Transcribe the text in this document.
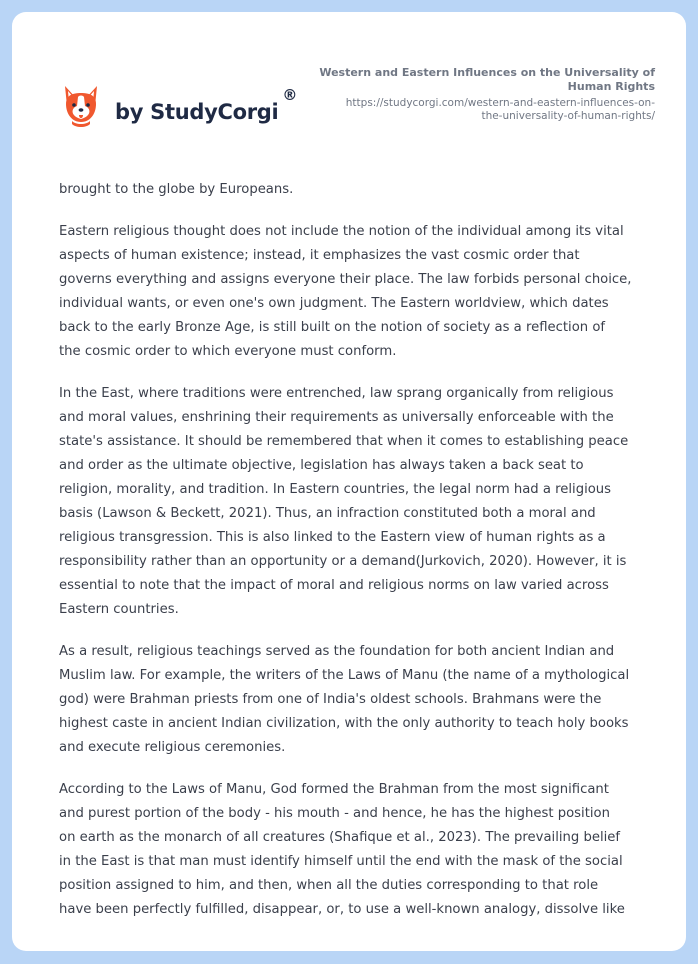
by StudyCorgi
®
Western and Eastern Influences on the Universality of
Human Rights
https://studycorgi.com/western-and-eastern-influences-on-
the-universality-of-human-rights/

brought to the globe by Europeans.

Eastern religious thought does not include the notion of the individual among its vital
aspects of human existence; instead, it emphasizes the vast cosmic order that
governs everything and assigns everyone their place. The law forbids personal choice,
individual wants, or even one's own judgment. The Eastern worldview, which dates
back to the early Bronze Age, is still built on the notion of society as a reflection of
the cosmic order to which everyone must conform.

In the East, where traditions were entrenched, law sprang organically from religious
and moral values, enshrining their requirements as universally enforceable with the
state's assistance. It should be remembered that when it comes to establishing peace
and order as the ultimate objective, legislation has always taken a back seat to
religion, morality, and tradition. In Eastern countries, the legal norm had a religious
basis (Lawson & Beckett, 2021). Thus, an infraction constituted both a moral and
religious transgression. This is also linked to the Eastern view of human rights as a
responsibility rather than an opportunity or a demand(Jurkovich, 2020). However, it is
essential to note that the impact of moral and religious norms on law varied across
Eastern countries.

As a result, religious teachings served as the foundation for both ancient Indian and
Muslim law. For example, the writers of the Laws of Manu (the name of a mythological
god) were Brahman priests from one of India's oldest schools. Brahmans were the
highest caste in ancient Indian civilization, with the only authority to teach holy books
and execute religious ceremonies.

According to the Laws of Manu, God formed the Brahman from the most significant
and purest portion of the body - his mouth - and hence, he has the highest position
on earth as the monarch of all creatures (Shafique et al., 2023). The prevailing belief
in the East is that man must identify himself until the end with the mask of the social
position assigned to him, and then, when all the duties corresponding to that role
have been perfectly fulfilled, disappear, or, to use a well-known analogy, dissolve like
